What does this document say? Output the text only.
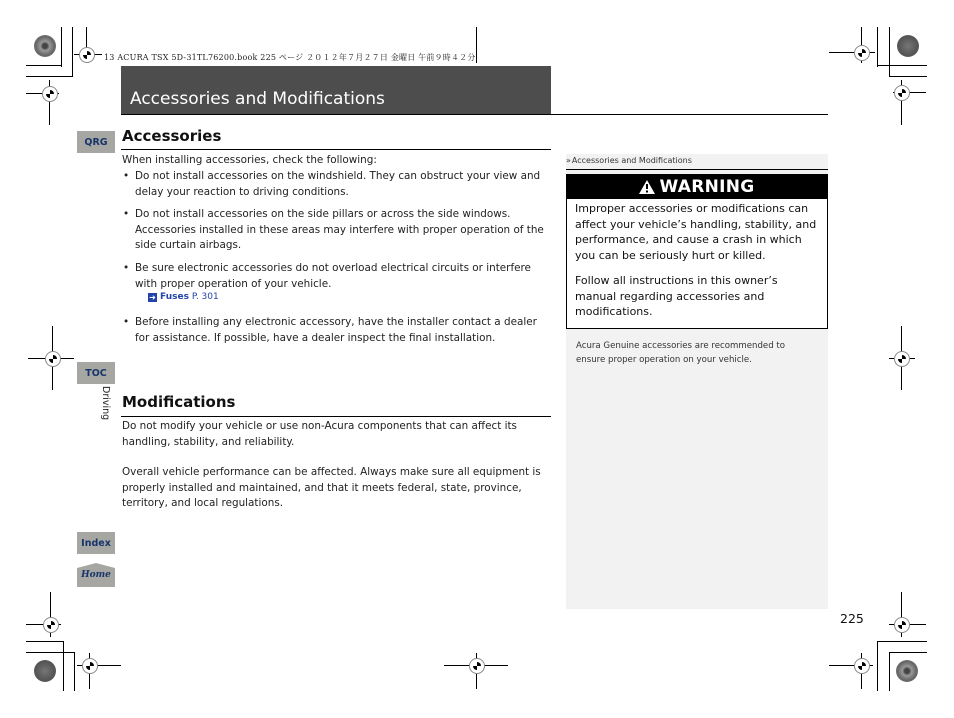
13 ACURA TSX 5D-31TL76200.book 225 ページ ２０１２年７月２７日 金曜日 午前９時４２分
Accessories and Modifications
QRG
TOC
Driving
Index
Home
Accessories
When installing accessories, check the following:
• Do not install accessories on the windshield. They can obstruct your view and delay your reaction to driving conditions.
• Do not install accessories on the side pillars or across the side windows. Accessories installed in these areas may interfere with proper operation of the side curtain airbags.
• Be sure electronic accessories do not overload electrical circuits or interfere with proper operation of your vehicle.
➜ Fuses P. 301
• Before installing any electronic accessory, have the installer contact a dealer for assistance. If possible, have a dealer inspect the final installation.
Modifications
Do not modify your vehicle or use non-Acura components that can affect its handling, stability, and reliability.
Overall vehicle performance can be affected. Always make sure all equipment is properly installed and maintained, and that it meets federal, state, province, territory, and local regulations.
» Accessories and Modifications
WARNING
Improper accessories or modifications can affect your vehicle’s handling, stability, and performance, and cause a crash in which you can be seriously hurt or killed.
Follow all instructions in this owner’s manual regarding accessories and modifications.
Acura Genuine accessories are recommended to ensure proper operation on your vehicle.
225
